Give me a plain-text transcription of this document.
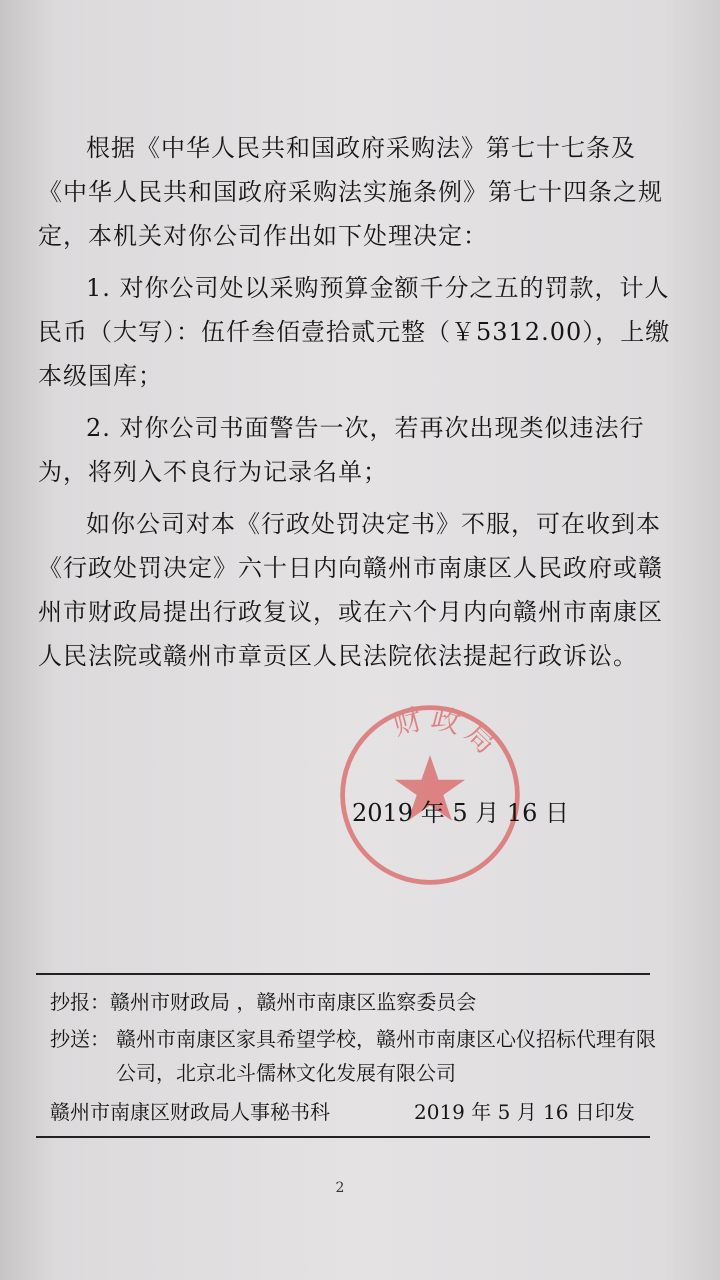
根据《中华人民共和国政府采购法》第七十七条及《中华人民共和国政府采购法实施条例》第七十四条之规定，本机关对你公司作出如下处理决定：

1. 对你公司处以采购预算金额千分之五的罚款，计人民币（大写）：伍仟叁佰壹拾贰元整（￥5312.00），上缴本级国库；

2. 对你公司书面警告一次，若再次出现类似违法行为，将列入不良行为记录名单；

如你公司对本《行政处罚决定书》不服，可在收到本《行政处罚决定》六十日内向赣州市南康区人民政府或赣州市财政局提出行政复议，或在六个月内向赣州市南康区人民法院或赣州市章贡区人民法院依法提起行政诉讼。

财政局
2019 年 5 月 16 日
抄报：赣州市财政局 ，赣州市南康区监察委员会
抄送： 赣州市南康区家具希望学校，赣州市南康区心仪招标代理有限公司，北京北斗儒林文化发展有限公司
赣州市南康区财政局人事秘书科	2019 年 5 月 16 日印发
2
